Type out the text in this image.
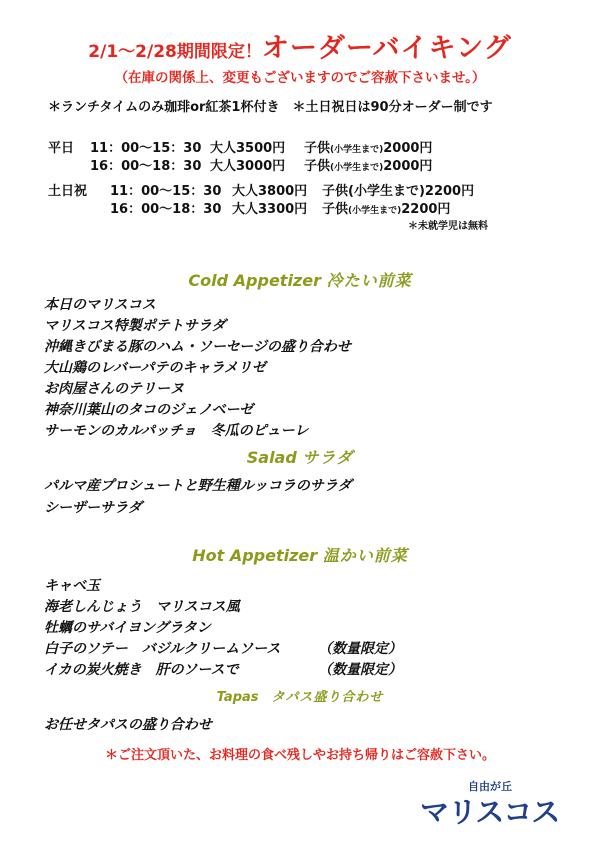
2/1～2/28期間限定！オーダーバイキング
（在庫の関係上、変更もございますのでご容赦下さいませ。）
＊ランチタイムのみ珈琲or紅茶1杯付き　＊土日祝日は90分オーダー制です
平日 11：00～15：30 大人3500円 子供(小学生まで)2000円
16：00～18：30 大人3000円 子供(小学生まで)2000円
土日祝 11：00～15：30 大人3800円 子供(小学生まで)2200円
16：00～18：30 大人3300円 子供(小学生まで)2200円
＊未就学児は無料
Cold Appetizer 冷たい前菜
本日のマリスコス
マリスコス特製ポテトサラダ
沖縄きびまる豚のハム・ソーセージの盛り合わせ
大山鶏のレバーパテのキャラメリゼ
お肉屋さんのテリーヌ
神奈川葉山のタコのジェノベーゼ
サーモンのカルパッチョ　冬瓜のピューレ
Salad サラダ
パルマ産プロシュートと野生種ルッコラのサラダ
シーザーサラダ
Hot Appetizer 温かい前菜
キャベ玉
海老しんじょう　マリスコス風
牡蠣のサバイヨングラタン
白子のソテー　バジルクリームソース
イカの炭火焼き　肝のソースで
（数量限定）
（数量限定）
Tapas　 タパス盛り合わせ
お任せタパスの盛り合わせ
＊ご注文頂いた、お料理の食べ残しやお持ち帰りはご容赦下さい。
自由が丘
マリスコス
